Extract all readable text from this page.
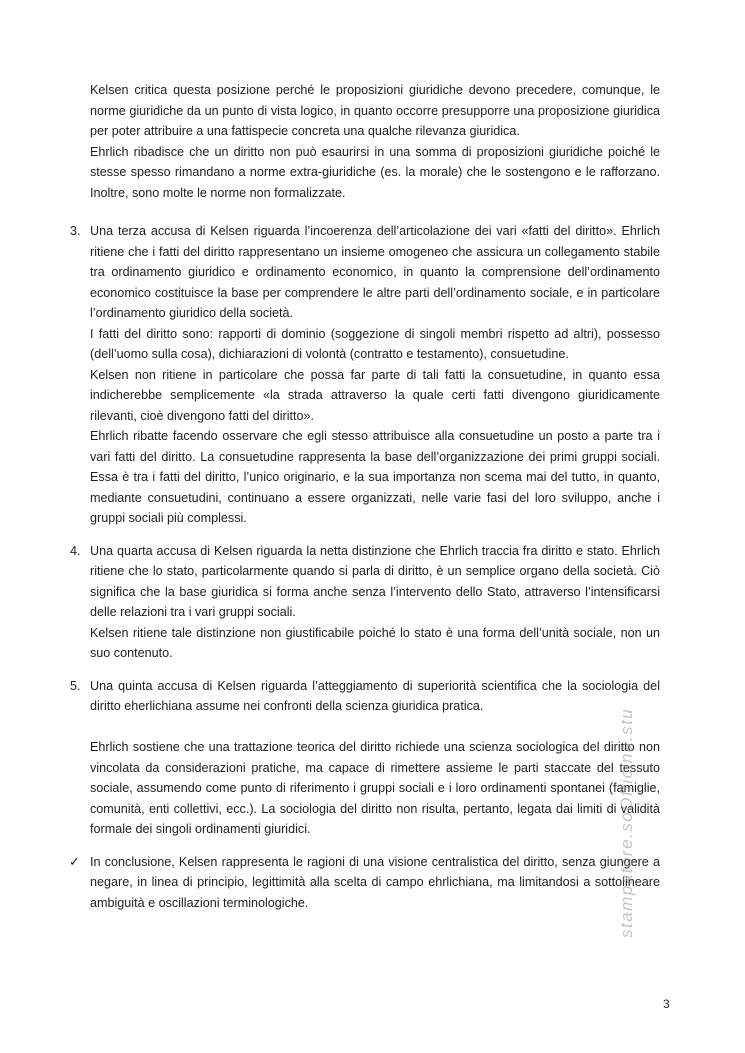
Kelsen critica questa posizione perché le proposizioni giuridiche devono precedere, comunque, le norme giuridiche da un punto di vista logico, in quanto occorre presupporre una proposizione giuridica per poter attribuire a una fattispecie concreta una qualche rilevanza giuridica.

Ehrlich ribadisce che un diritto non può esaurirsi in una somma di proposizioni giuridiche poiché le stesse spesso rimandano a norme extra-giuridiche (es. la morale) che le sostengono e le rafforzano. Inoltre, sono molte le norme non formalizzate.

3. Una terza accusa di Kelsen riguarda l’incoerenza dell’articolazione dei vari «fatti del diritto». Ehrlich ritiene che i fatti del diritto rappresentano un insieme omogeneo che assicura un collegamento stabile tra ordinamento giuridico e ordinamento economico, in quanto la comprensione dell’ordinamento economico costituisce la base per comprendere le altre parti dell’ordinamento sociale, e in particolare l’ordinamento giuridico della società.

I fatti del diritto sono: rapporti di dominio (soggezione di singoli membri rispetto ad altri), possesso (dell’uomo sulla cosa), dichiarazioni di volontà (contratto e testamento), consuetudine.

Kelsen non ritiene in particolare che possa far parte di tali fatti la consuetudine, in quanto essa indicherebbe semplicemente «la strada attraverso la quale certi fatti divengono giuridicamente rilevanti, cioè divengono fatti del diritto».

Ehrlich ribatte facendo osservare che egli stesso attribuisce alla consuetudine un posto a parte tra i vari fatti del diritto. La consuetudine rappresenta la base dell’organizzazione dei primi gruppi sociali. Essa è tra i fatti del diritto, l’unico originario, e la sua importanza non scema mai del tutto, in quanto, mediante consuetudini, continuano a essere organizzati, nelle varie fasi del loro sviluppo, anche i gruppi sociali più complessi.

4. Una quarta accusa di Kelsen riguarda la netta distinzione che Ehrlich traccia fra diritto e stato. Ehrlich ritiene che lo stato, particolarmente quando si parla di diritto, è un semplice organo della società. Ciò significa che la base giuridica si forma anche senza l’intervento dello Stato, attraverso l’intensificarsi delle relazioni tra i vari gruppi sociali.

Kelsen ritiene tale distinzione non giustificabile poiché lo stato è una forma dell’unità sociale, non un suo contenuto.

5. Una quinta accusa di Kelsen riguarda l’atteggiamento di superiorità scientifica che la sociologia del diritto eherlichiana assume nei confronti della scienza giuridica pratica.

Ehrlich sostiene che una trattazione teorica del diritto richiede una scienza sociologica del diritto non vincolata da considerazioni pratiche, ma capace di rimettere assieme le parti staccate del tessuto sociale, assumendo come punto di riferimento i gruppi sociali e i loro ordinamenti spontanei (famiglie, comunità, enti collettivi, ecc.). La sociologia del diritto non risulta, pertanto, legata dai limiti di validità formale dei singoli ordinamenti giuridici.

✓ In conclusione, Kelsen rappresenta le ragioni di una visione centralistica del diritto, senza giungere a negare, in linea di principio, legittimità alla scelta di campo ehrlichiana, ma limitandosi a sottolineare ambiguità e oscillazioni terminologiche.	stampatore.soOfficina.stu
3
